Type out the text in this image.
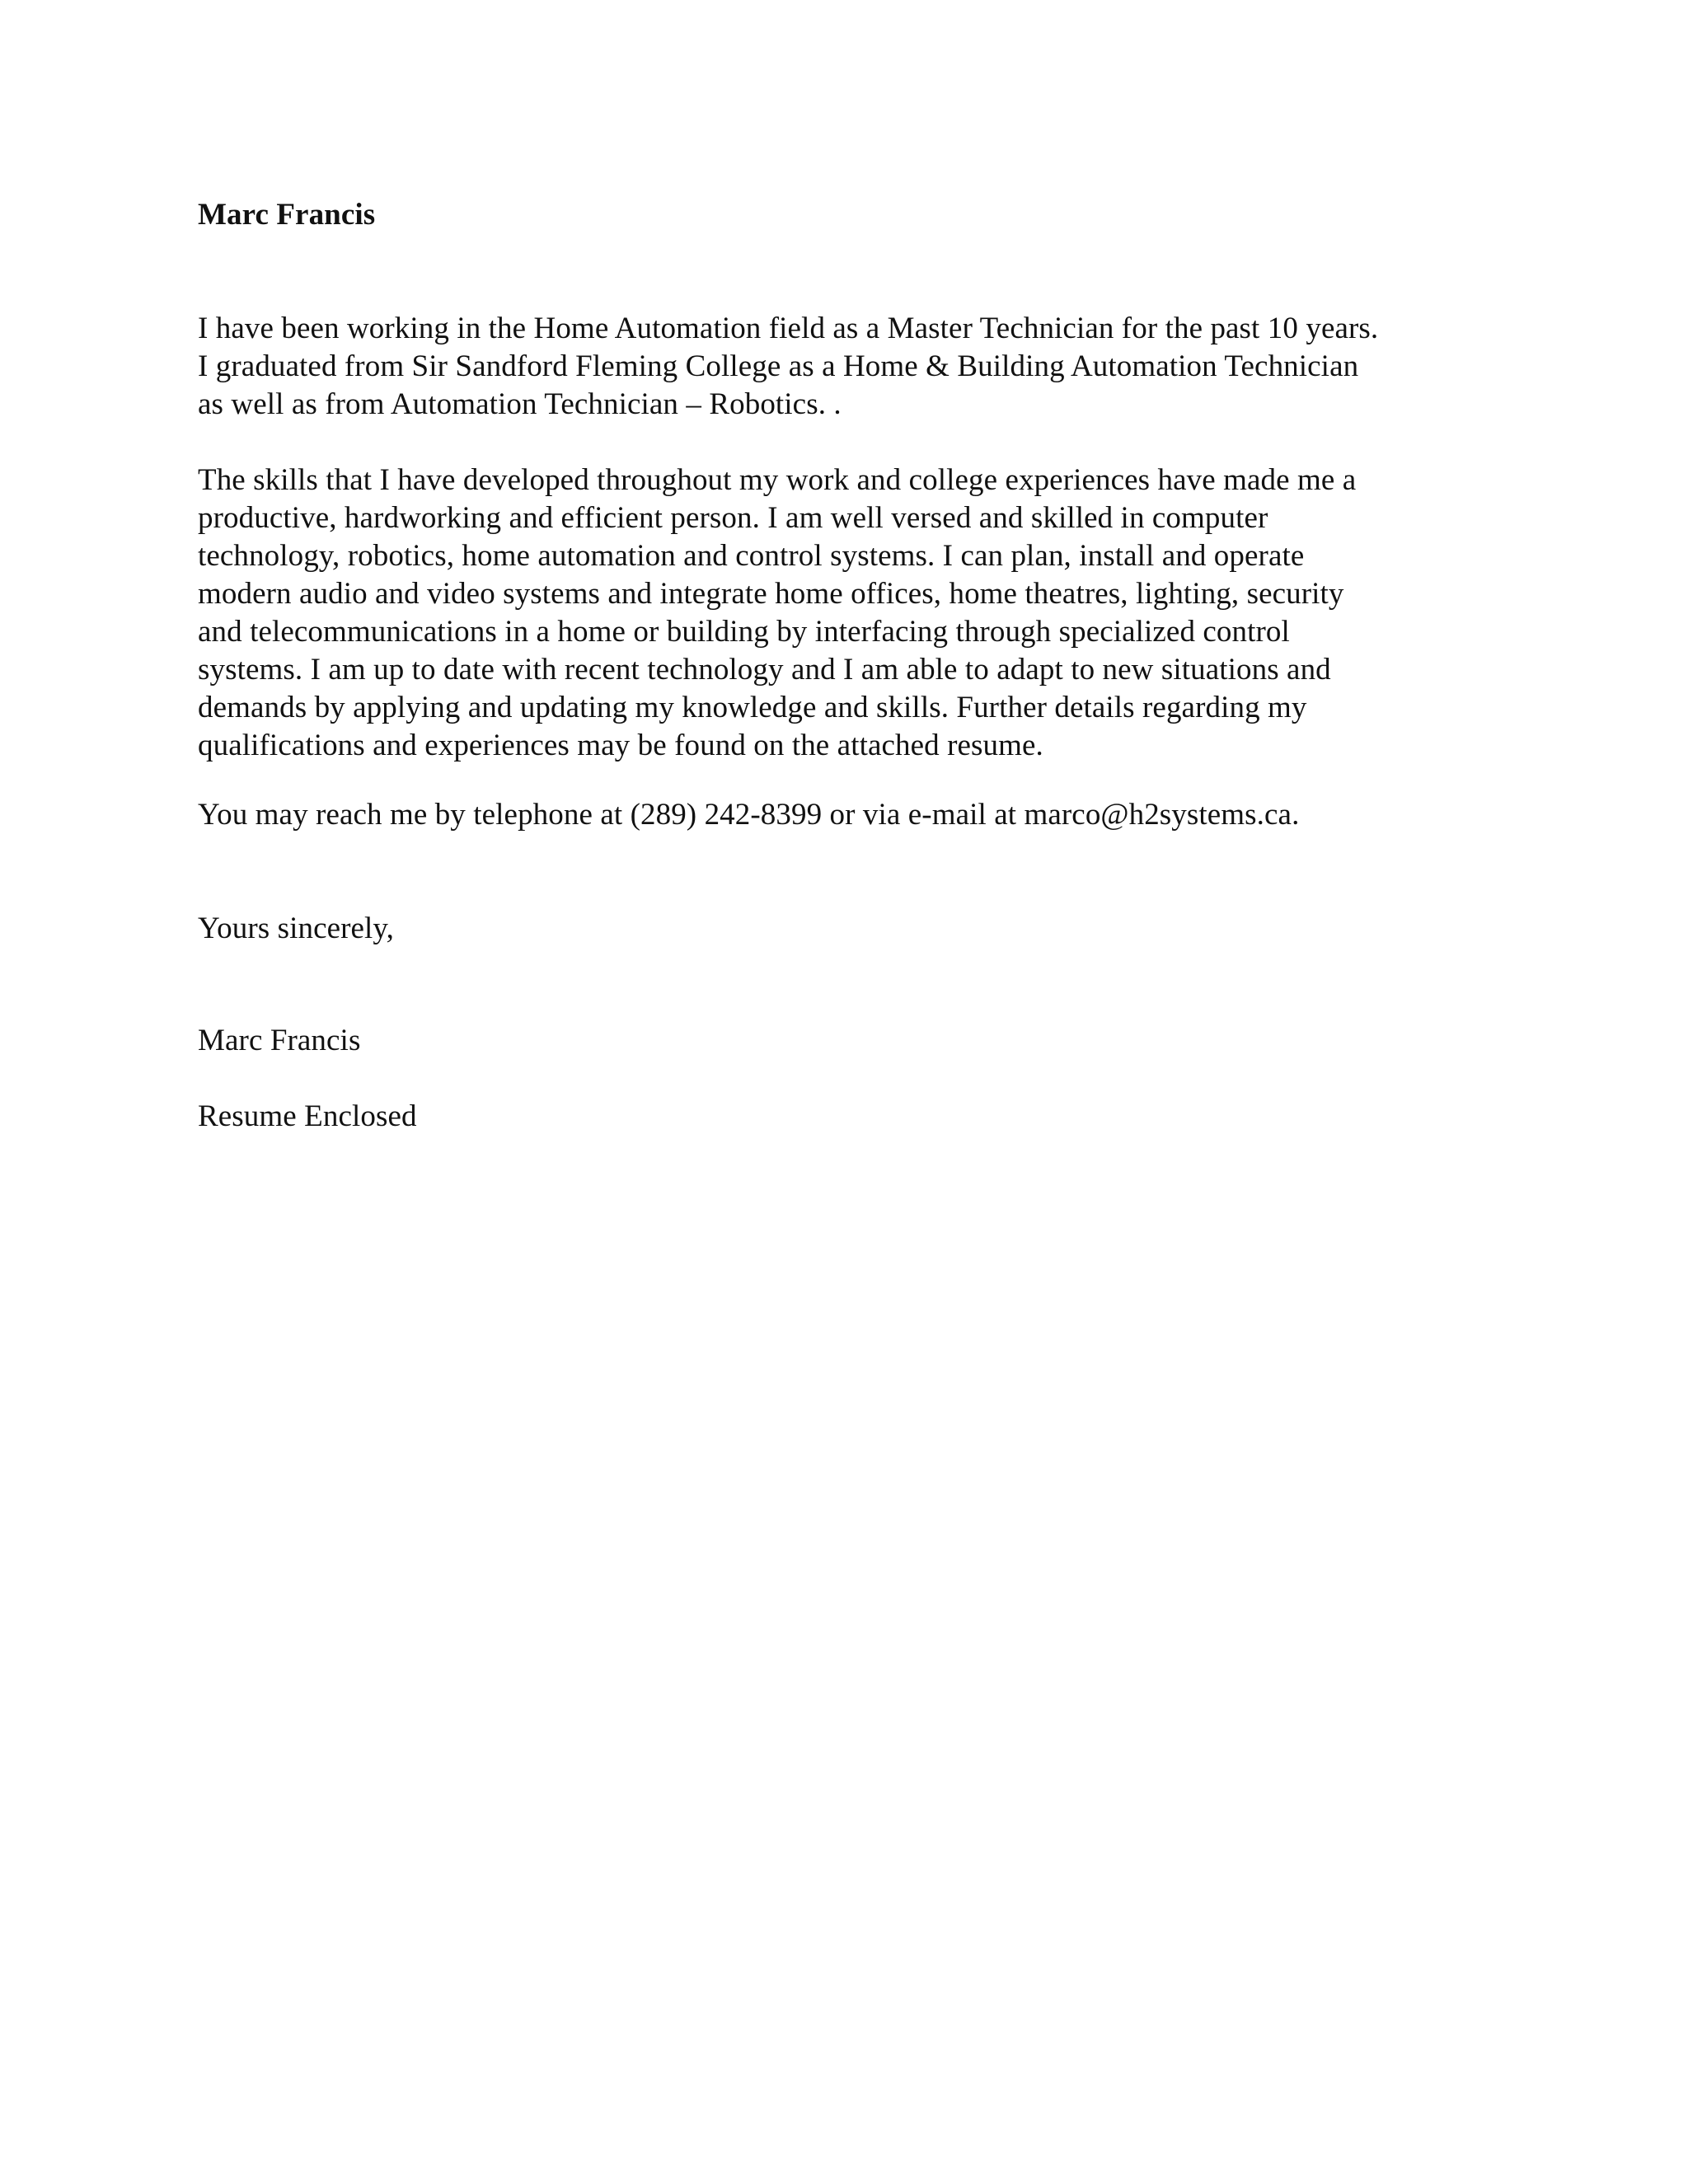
Marc Francis
I have been working in the Home Automation field as a Master Technician for the past 10 years.
I graduated from Sir Sandford Fleming College as a Home & Building Automation Technician
as well as from Automation Technician – Robotics. .
The skills that I have developed throughout my work and college experiences have made me a
productive, hardworking and efficient person. I am well versed and skilled in computer
technology, robotics, home automation and control systems. I can plan, install and operate
modern audio and video systems and integrate home offices, home theatres, lighting, security
and telecommunications in a home or building by interfacing through specialized control
systems. I am up to date with recent technology and I am able to adapt to new situations and
demands by applying and updating my knowledge and skills. Further details regarding my
qualifications and experiences may be found on the attached resume.
You may reach me by telephone at (289) 242-8399 or via e-mail at marco@h2systems.ca.
Yours sincerely,
Marc Francis
Resume Enclosed
